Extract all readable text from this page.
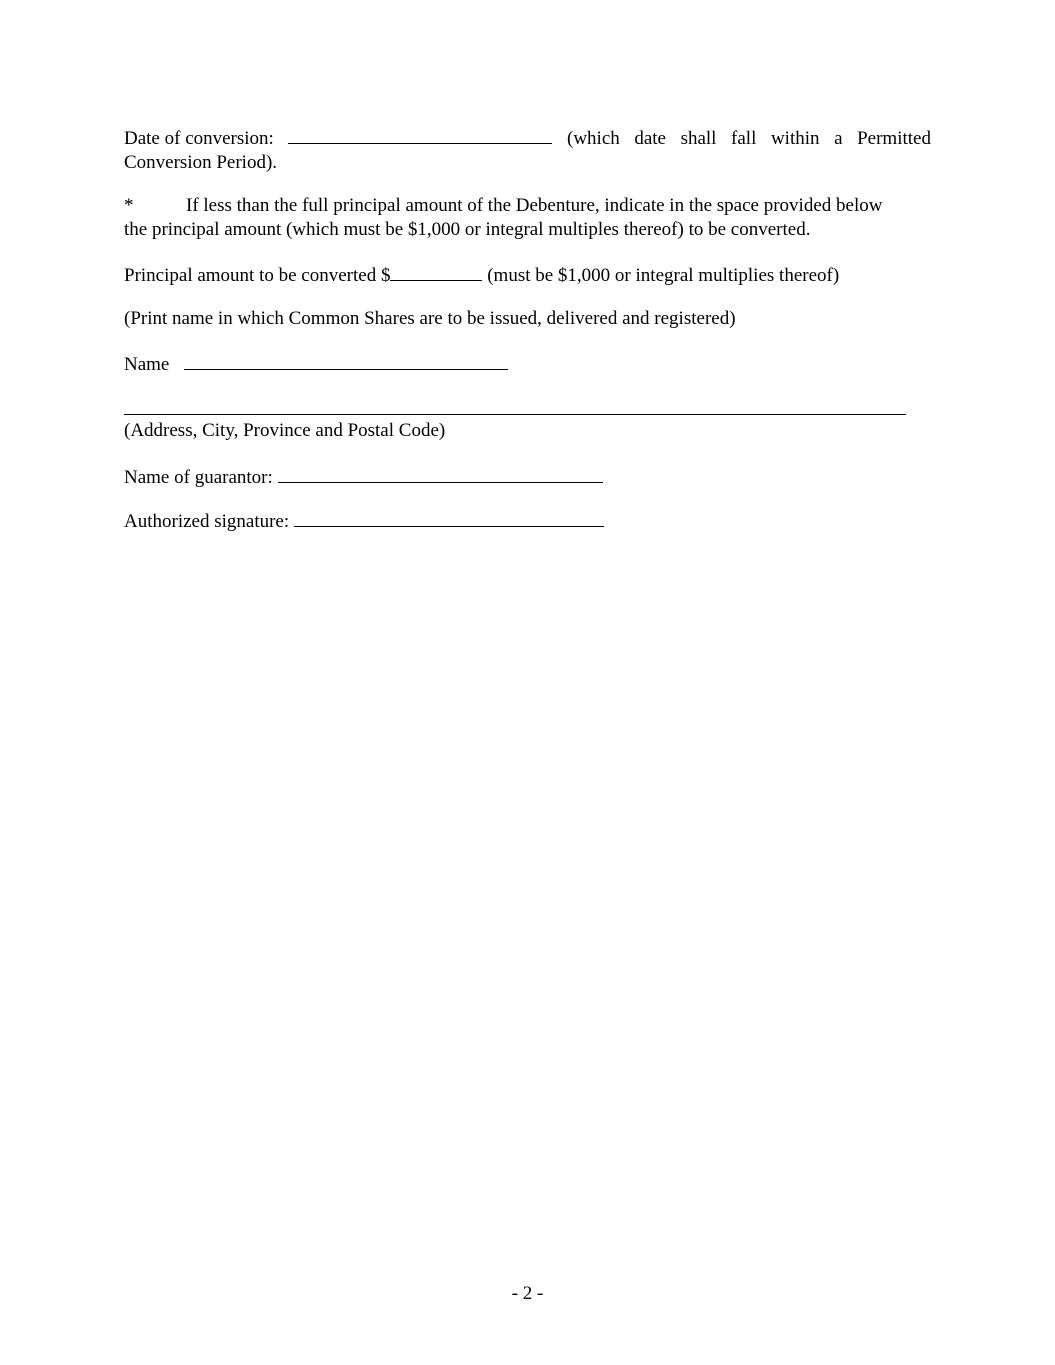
Date of conversion:	(which date shall fall within a Permitted
Conversion Period).
*	If less than the full principal amount of the Debenture, indicate in the space provided below
the principal amount (which must be $1,000 or integral multiples thereof) to be converted.
Principal amount to be converted $	(must be $1,000 or integral multiplies thereof)
(Print name in which Common Shares are to be issued, delivered and registered)
Name
(Address, City, Province and Postal Code)
Name of guarantor:
Authorized signature:
- 2 -
